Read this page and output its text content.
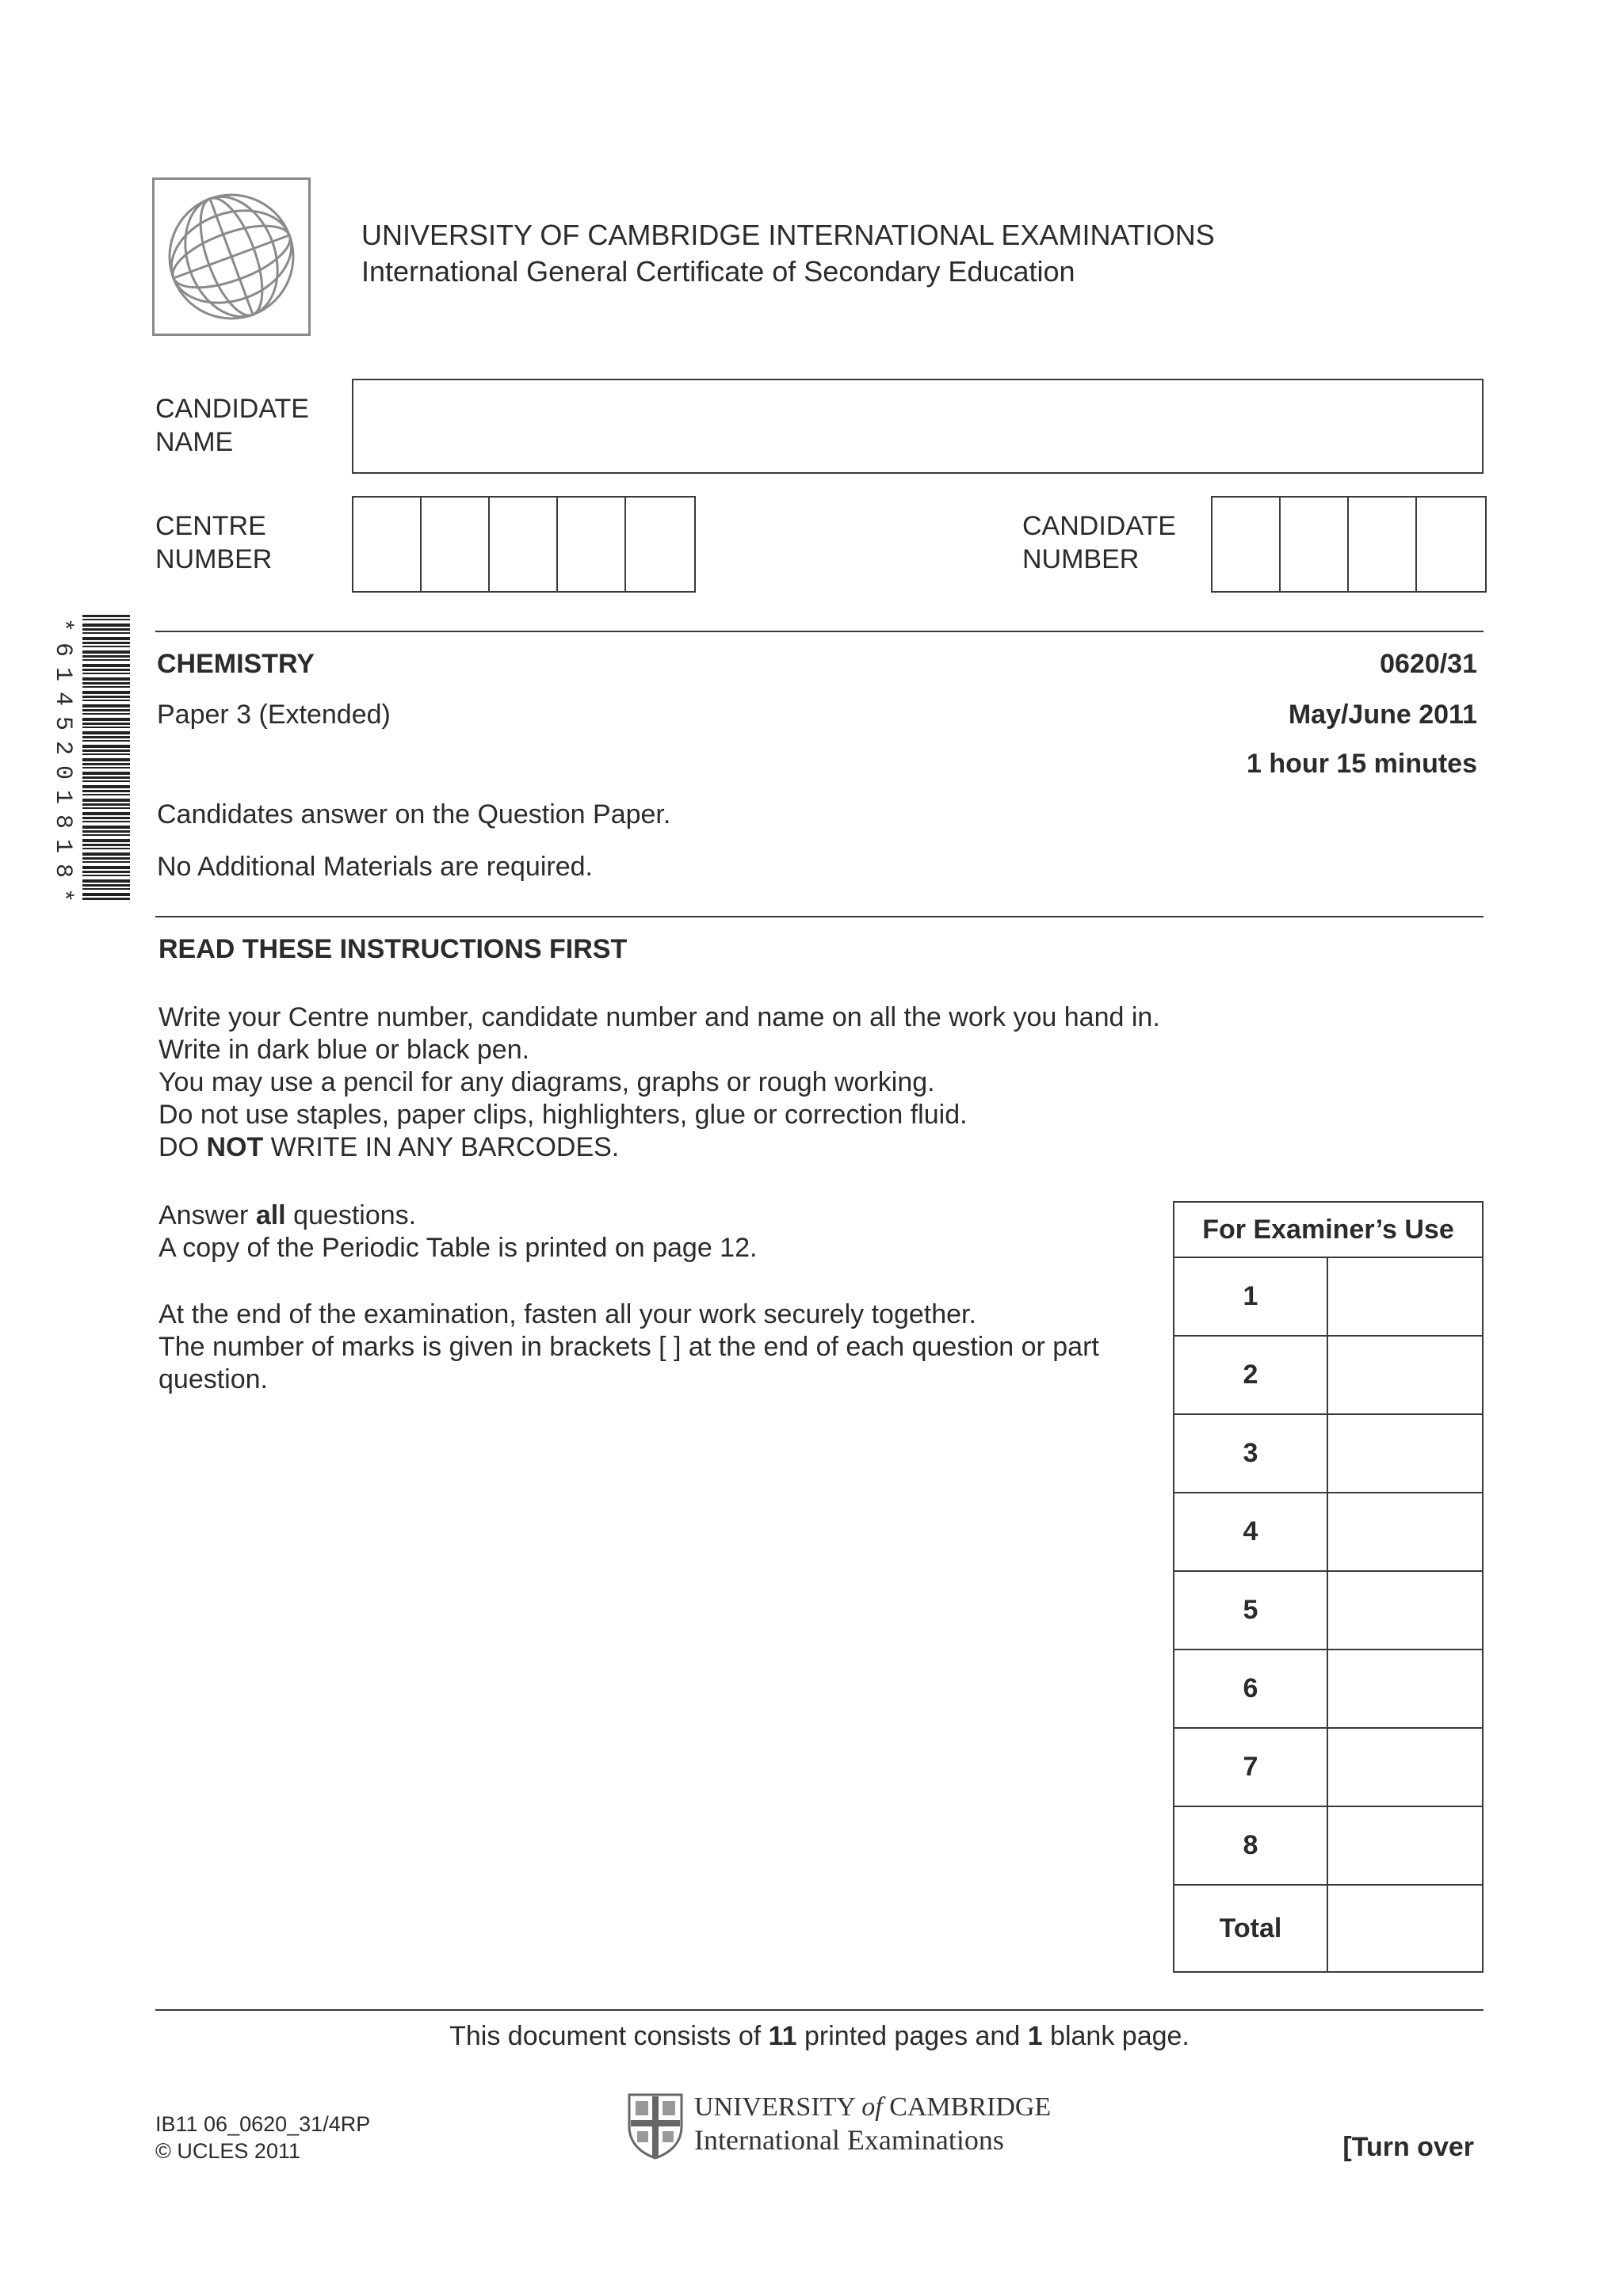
UNIVERSITY OF CAMBRIDGE INTERNATIONAL EXAMINATIONS
International General Certificate of Secondary Education
CANDIDATE
NAME
CENTRE
NUMBER
CANDIDATE
NUMBER
*6145201818*	CHEMISTRY	0620/31
Paper 3 (Extended)	May/June 2011
1 hour 15 minutes
Candidates answer on the Question Paper.
No Additional Materials are required.
READ THESE INSTRUCTIONS FIRST
Write your Centre number, candidate number and name on all the work you hand in.
Write in dark blue or black pen.
You may use a pencil for any diagrams, graphs or rough working.
Do not use staples, paper clips, highlighters, glue or correction fluid.
DO NOT WRITE IN ANY BARCODES.
Answer all questions.
A copy of the Periodic Table is printed on page 12.
At the end of the examination, fasten all your work securely together.
The number of marks is given in brackets [ ] at the end of each question or part
question.
For Examiner’s Use	
1	
2	
3	
4	
5	
6	
7	
8	
Total	
This document consists of 11 printed pages and 1 blank page.
IB11 06_0620_31/4RP
© UCLES 2011
UNIVERSITY of CAMBRIDGE
International Examinations	[Turn over
